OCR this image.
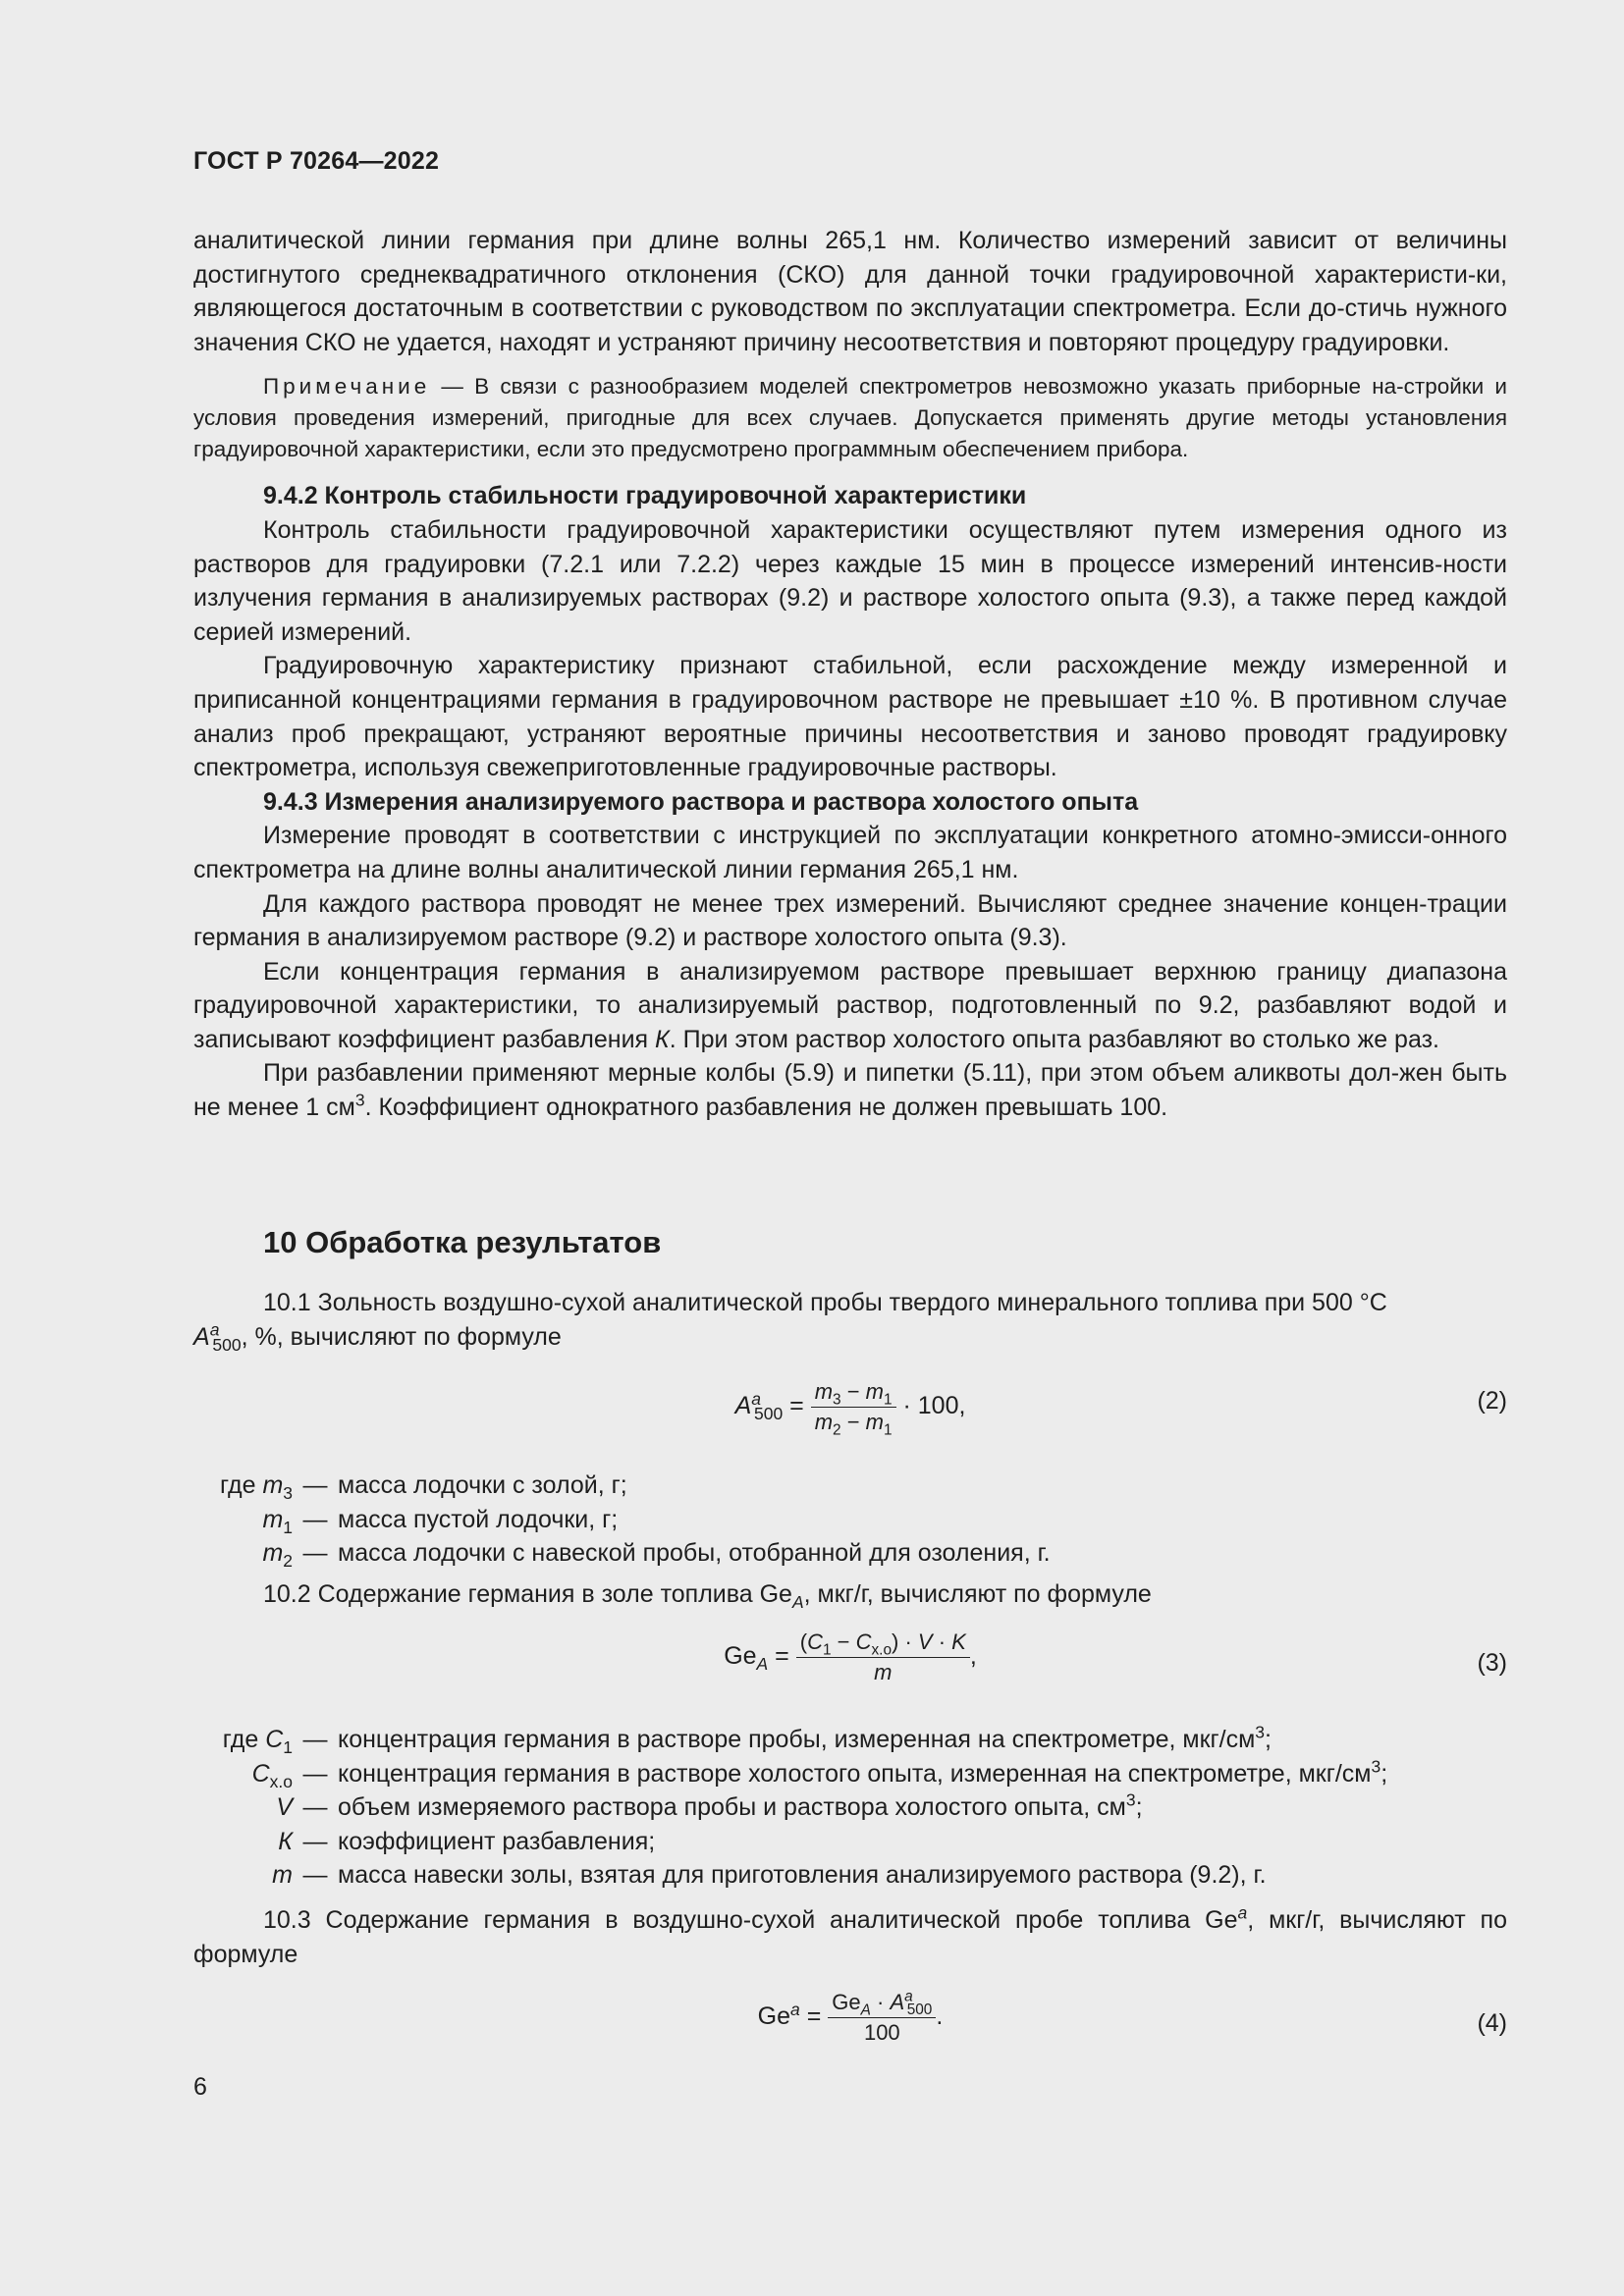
ГОСТ Р 70264—2022

аналитической линии германия при длине волны 265,1 нм. Количество измерений зависит от величины достигнутого среднеквадратичного отклонения (СКО) для данной точки градуировочной характеристи-ки, являющегося достаточным в соответствии с руководством по эксплуатации спектрометра. Если до-стичь нужного значения СКО не удается, находят и устраняют причину несоответствия и повторяют процедуру градуировки.

Примечание — В связи с разнообразием моделей спектрометров невозможно указать приборные на-стройки и условия проведения измерений, пригодные для всех случаев. Допускается применять другие методы установления градуировочной характеристики, если это предусмотрено программным обеспечением прибора.

9.4.2 Контроль стабильности градуировочной характеристики

Контроль стабильности градуировочной характеристики осуществляют путем измерения одного из растворов для градуировки (7.2.1 или 7.2.2) через каждые 15 мин в процессе измерений интенсив-ности излучения германия в анализируемых растворах (9.2) и растворе холостого опыта (9.3), а также перед каждой серией измерений.

Градуировочную характеристику признают стабильной, если расхождение между измеренной и приписанной концентрациями германия в градуировочном растворе не превышает ±10 %. В противном случае анализ проб прекращают, устраняют вероятные причины несоответствия и заново проводят градуировку спектрометра, используя свежеприготовленные градуировочные растворы.

9.4.3 Измерения анализируемого раствора и раствора холостого опыта

Измерение проводят в соответствии с инструкцией по эксплуатации конкретного атомно-эмисси-онного спектрометра на длине волны аналитической линии германия 265,1 нм.

Для каждого раствора проводят не менее трех измерений. Вычисляют среднее значение концен-трации германия в анализируемом растворе (9.2) и растворе холостого опыта (9.3).

Если концентрация германия в анализируемом растворе превышает верхнюю границу диапазона градуировочной характеристики, то анализируемый раствор, подготовленный по 9.2, разбавляют водой и записывают коэффициент разбавления К. При этом раствор холостого опыта разбавляют во столько же раз.

При разбавлении применяют мерные колбы (5.9) и пипетки (5.11), при этом объем аликвоты дол-жен быть не менее 1 $см^3$. Коэффициент однократного разбавления не должен превышать 100.

10 Обработка результатов

10.1 Зольность воздушно-сухой аналитической пробы твердого минерального топлива при 500 °С
$A^a_{500}$, %, вычисляют по формуле

$A^a_{500} = \frac{m_3 - m_1}{m_2 - m_1} \cdot 100$,	(2)
где $m_3$ — масса лодочки с золой, г;
$m_1$ — масса пустой лодочки, г;
$m_2$ — масса лодочки с навеской пробы, отобранной для озоления, г.

10.2 Содержание германия в золе топлива $Ge_A$, мкг/г, вычисляют по формуле

$Ge_A = \frac{(C_1 - C_{х.о}) \cdot V \cdot K}{m}$ ,	(3)
где $C_1$ — концентрация германия в растворе пробы, измеренная на спектрометре, мкг/$см^3$;
$C_{х.о}$ — концентрация германия в растворе холостого опыта, измеренная на спектрометре, мкг/$см^3$;
V — объем измеряемого раствора пробы и раствора холостого опыта, $см^3$;
К — коэффициент разбавления;
m — масса навески золы, взятая для приготовления анализируемого раствора (9.2), г.

10.3 Содержание германия в воздушно-сухой аналитической пробе топлива Ge$^a$, мкг/г, вычисляют по формуле

$Ge^a = \frac{Ge_A \cdot A^a_{500}}{100}$ .	(4)
6
